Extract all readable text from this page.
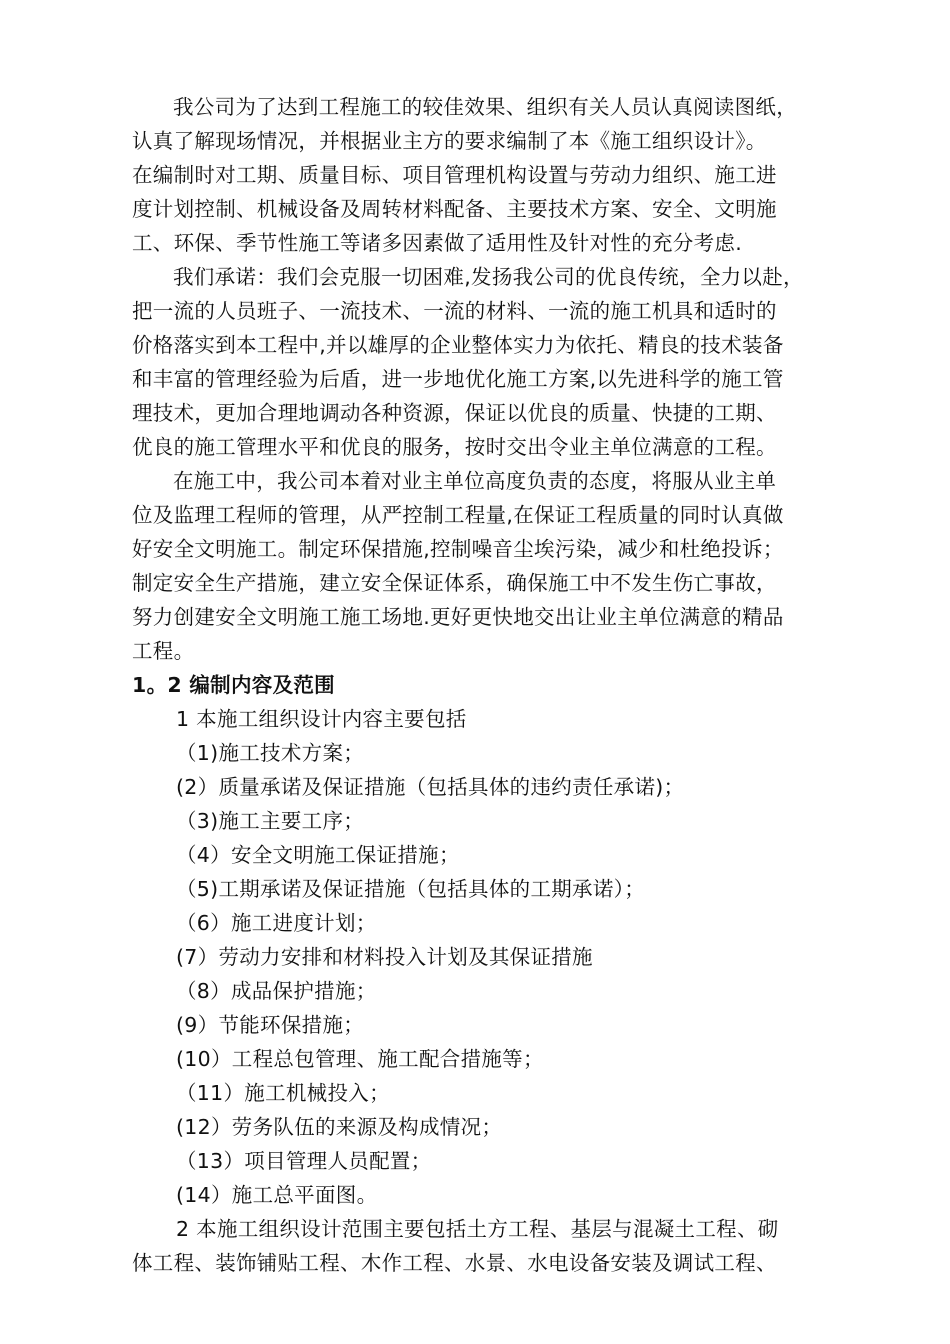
我公司为了达到工程施工的较佳效果、组织有关人员认真阅读图纸，
认真了解现场情况，并根据业主方的要求编制了本《施工组织设计》。
在编制时对工期、质量目标、项目管理机构设置与劳动力组织、施工进
度计划控制、机械设备及周转材料配备、主要技术方案、安全、文明施
工、环保、季节性施工等诸多因素做了适用性及针对性的充分考虑.
我们承诺：我们会克服一切困难,发扬我公司的优良传统，全力以赴，
把一流的人员班子、一流技术、一流的材料、一流的施工机具和适时的
价格落实到本工程中,并以雄厚的企业整体实力为依托、精良的技术装备
和丰富的管理经验为后盾，进一步地优化施工方案,以先进科学的施工管
理技术，更加合理地调动各种资源，保证以优良的质量、快捷的工期、
优良的施工管理水平和优良的服务，按时交出令业主单位满意的工程。
在施工中，我公司本着对业主单位高度负责的态度，将服从业主单
位及监理工程师的管理，从严控制工程量,在保证工程质量的同时认真做
好安全文明施工。制定环保措施,控制噪音尘埃污染，减少和杜绝投诉；
制定安全生产措施，建立安全保证体系，确保施工中不发生伤亡事故，
努力创建安全文明施工施工场地.更好更快地交出让业主单位满意的精品
工程。
1。2 编制内容及范围
1 本施工组织设计内容主要包括
（1)施工技术方案；
(2）质量承诺及保证措施（包括具体的违约责任承诺)；
（3)施工主要工序；
（4）安全文明施工保证措施；
（5)工期承诺及保证措施（包括具体的工期承诺）；
（6）施工进度计划；
(7）劳动力安排和材料投入计划及其保证措施
（8）成品保护措施；
(9）节能环保措施；
(10）工程总包管理、施工配合措施等；
（11）施工机械投入；
(12）劳务队伍的来源及构成情况；
（13）项目管理人员配置；
(14）施工总平面图。
2 本施工组织设计范围主要包括土方工程、基层与混凝土工程、砌
体工程、装饰铺贴工程、木作工程、水景、水电设备安装及调试工程、
